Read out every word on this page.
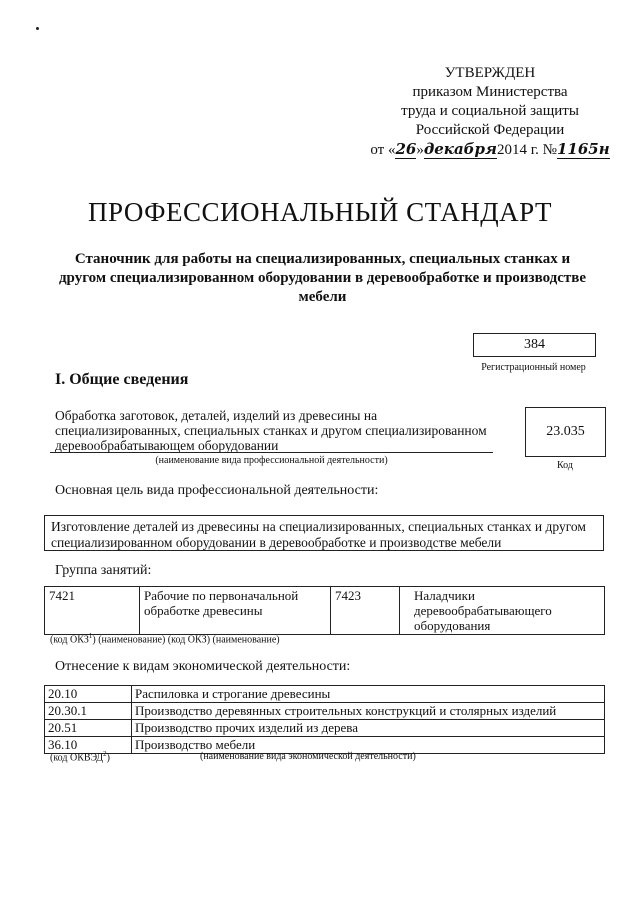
УТВЕРЖДЕН
приказом Министерства
труда и социальной защиты
Российской Федерации
от «26»декабря2014 г. №1165н
ПРОФЕССИОНАЛЬНЫЙ СТАНДАРТ
Станочник для работы на специализированных, специальных станках и другом специализированном оборудовании в деревообработке и производстве мебели
384
Регистрационный номер
I. Общие сведения
Обработка заготовок, деталей, изделий из древесины на специализированных, специальных станках и другом специализированном деревообрабатывающем оборудовании
(наименование вида профессиональной деятельности)
23.035
Код
Основная цель вида профессиональной деятельности:
Изготовление деталей из древесины на специализированных, специальных станках и другом специализированном оборудовании в деревообработке и производстве мебели
Группа занятий:
7421	Рабочие по первоначальной обработке древесины	7423	Наладчики деревообрабатывающего оборудования
(код ОКЗ$^1$) (наименование) (код ОКЗ) (наименование)
Отнесение к видам экономической деятельности:
20.10	Распиловка и строгание древесины
20.30.1	Производство деревянных строительных конструкций и столярных изделий
20.51	Производство прочих изделий из дерева
36.10	Производство мебели
(код ОКВЭД$^2$)	(наименование вида экономической деятельности)
